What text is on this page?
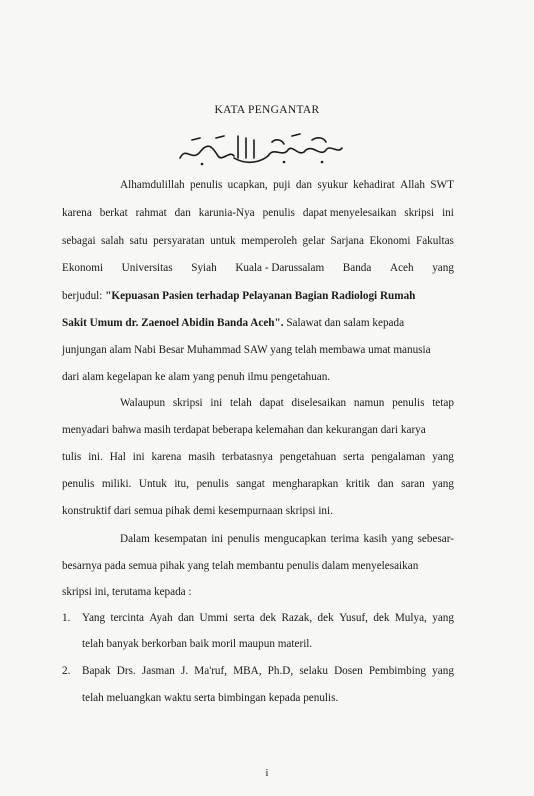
KATA PENGANTAR
Alhamdulillah penulis ucapkan, puji dan syukur kehadirat Allah SWT
karena berkat rahmat dan karunia-Nya penulis dapat menyelesaikan skripsi ini
sebagai salah satu persyaratan untuk memperoleh gelar Sarjana Ekonomi Fakultas
Ekonomi Universitas Syiah Kuala - Darussalam Banda Aceh yang
berjudul: "Kepuasan Pasien terhadap Pelayanan Bagian Radiologi Rumah
Sakit Umum dr. Zaenoel Abidin Banda Aceh". Salawat dan salam kepada
junjungan alam Nabi Besar Muhammad SAW yang telah membawa umat manusia
dari alam kegelapan ke alam yang penuh ilmu pengetahuan.
Walaupun skripsi ini telah dapat diselesaikan namun penulis tetap
menyadari bahwa masih terdapat beberapa kelemahan dan kekurangan dari karya
tulis ini. Hal ini karena masih terbatasnya pengetahuan serta pengalaman yang
penulis miliki. Untuk itu, penulis sangat mengharapkan kritik dan saran yang
konstruktif dari semua pihak demi kesempurnaan skripsi ini.
Dalam kesempatan ini penulis mengucapkan terima kasih yang sebesar-
besarnya pada semua pihak yang telah membantu penulis dalam menyelesaikan
skripsi ini, terutama kepada :
1. Yang tercinta Ayah dan Ummi serta dek Razak, dek Yusuf, dek Mulya, yang
telah banyak berkorban baik moril maupun materil.
2. Bapak Drs. Jasman J. Ma'ruf, MBA, Ph.D, selaku Dosen Pembimbing yang
telah meluangkan waktu serta bimbingan kepada penulis.
i
